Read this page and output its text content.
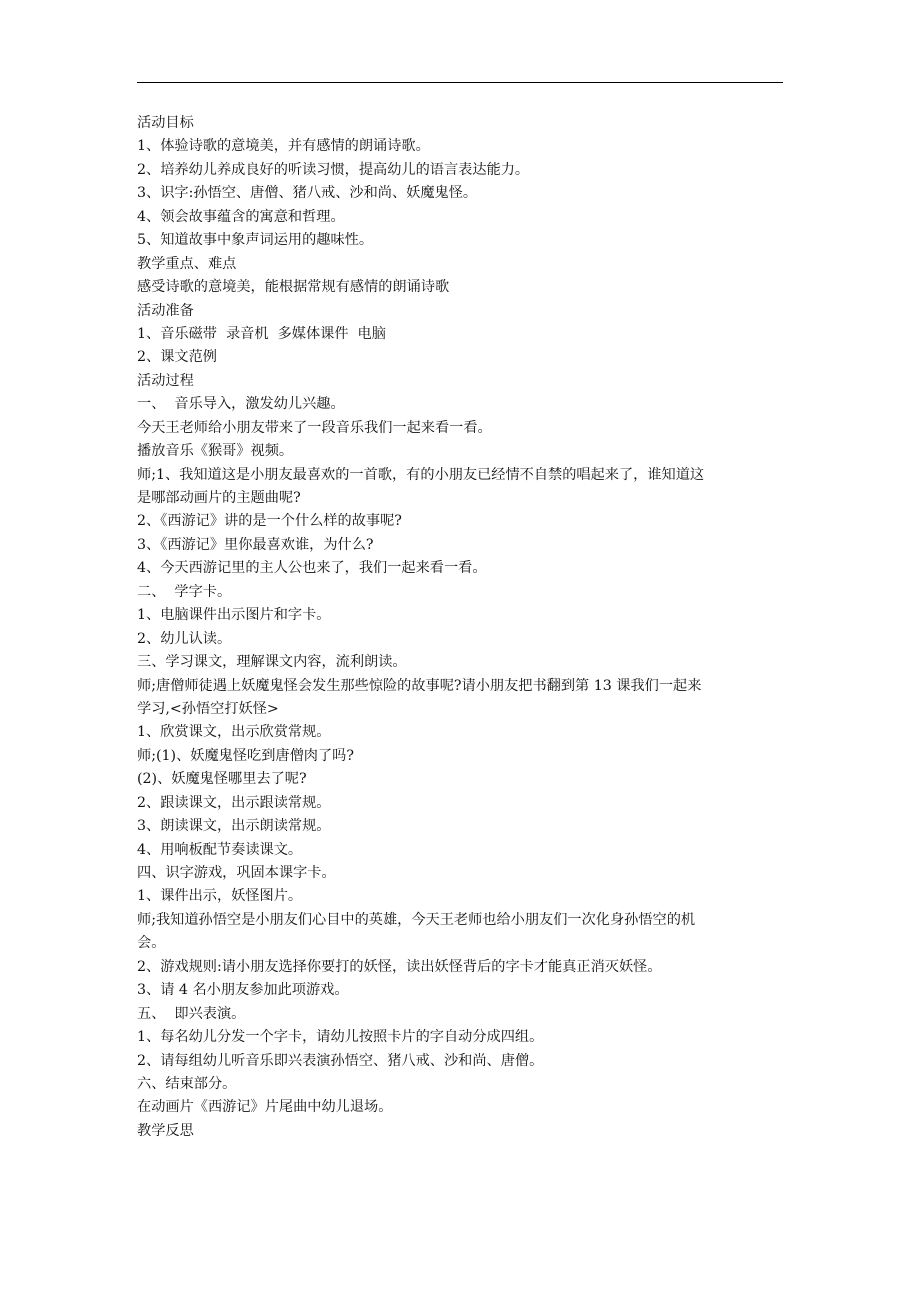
活动目标
1、体验诗歌的意境美，并有感情的朗诵诗歌。
2、培养幼儿养成良好的听读习惯，提高幼儿的语言表达能力。
3、识字:孙悟空、唐僧、猪八戒、沙和尚、妖魔鬼怪。
4、领会故事蕴含的寓意和哲理。
5、知道故事中象声词运用的趣味性。
教学重点、难点
感受诗歌的意境美，能根据常规有感情的朗诵诗歌
活动准备
1、音乐磁带  录音机  多媒体课件  电脑
2、课文范例
活动过程
一、  音乐导入，激发幼儿兴趣。
今天王老师给小朋友带来了一段音乐我们一起来看一看。
播放音乐《猴哥》视频。
师;1、我知道这是小朋友最喜欢的一首歌，有的小朋友已经情不自禁的唱起来了，谁知道这
是哪部动画片的主题曲呢?
2、《西游记》讲的是一个什么样的故事呢?
3、《西游记》里你最喜欢谁，为什么?
4、今天西游记里的主人公也来了，我们一起来看一看。
二、  学字卡。
1、电脑课件出示图片和字卡。
2、幼儿认读。
三、学习课文，理解课文内容，流利朗读。
师;唐僧师徒遇上妖魔鬼怪会发生那些惊险的故事呢?请小朋友把书翻到第 13 课我们一起来
学习,<孙悟空打妖怪>
1、欣赏课文，出示欣赏常规。
师;(1)、妖魔鬼怪吃到唐僧肉了吗?
(2)、妖魔鬼怪哪里去了呢?
2、跟读课文，出示跟读常规。
3、朗读课文，出示朗读常规。
4、用响板配节奏读课文。
四、识字游戏，巩固本课字卡。
1、课件出示，妖怪图片。
师;我知道孙悟空是小朋友们心目中的英雄，今天王老师也给小朋友们一次化身孙悟空的机
会。
2、游戏规则:请小朋友选择你要打的妖怪，读出妖怪背后的字卡才能真正消灭妖怪。
3、请 4 名小朋友参加此项游戏。
五、  即兴表演。
1、每名幼儿分发一个字卡，请幼儿按照卡片的字自动分成四组。
2、请每组幼儿听音乐即兴表演孙悟空、猪八戒、沙和尚、唐僧。
六、结束部分。
在动画片《西游记》片尾曲中幼儿退场。
教学反思
